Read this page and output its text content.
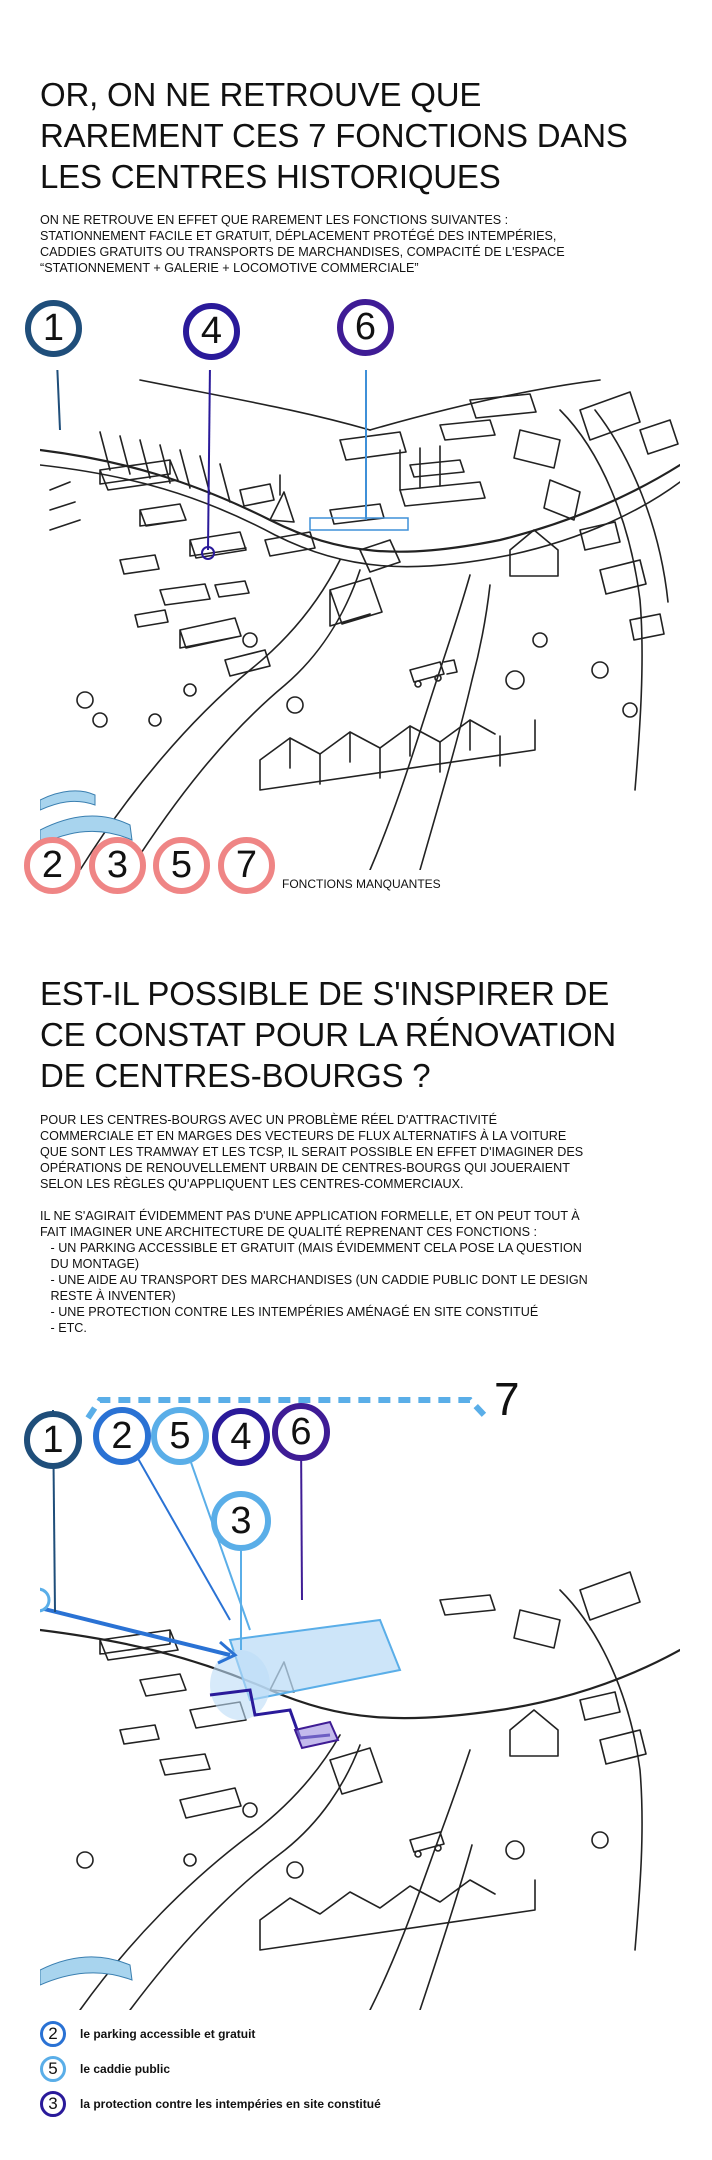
OR, ON NE RETROUVE QUE
RAREMENT CES 7 FONCTIONS DANS
LES CENTRES HISTORIQUES

ON NE RETROUVE EN EFFET QUE RAREMENT LES FONCTIONS SUIVANTES :
STATIONNEMENT FACILE ET GRATUIT, DÉPLACEMENT PROTÉGÉ DES INTEMPÉRIES,
CADDIES GRATUITS OU TRANSPORTS DE MARCHANDISES, COMPACITÉ DE L'ESPACE
“STATIONNEMENT + GALERIE + LOCOMOTIVE COMMERCIALE”

1	4	6
2 3 5 7 FONCTIONS MANQUANTES
EST-IL POSSIBLE DE S'INSPIRER DE
CE CONSTAT POUR LA RÉNOVATION
DE CENTRES-BOURGS ?

POUR LES CENTRES-BOURGS AVEC UN PROBLÈME RÉEL D'ATTRACTIVITÉ
COMMERCIALE ET EN MARGES DES VECTEURS DE FLUX ALTERNATIFS À LA VOITURE
QUE SONT LES TRAMWAY ET LES TCSP, IL SERAIT POSSIBLE EN EFFET D'IMAGINER DES
OPÉRATIONS DE RENOUVELLEMENT URBAIN DE CENTRES-BOURGS QUI JOUERAIENT
SELON LES RÈGLES QU'APPLIQUENT LES CENTRES-COMMERCIAUX.
IL NE S'AGIRAIT ÉVIDEMMENT PAS D'UNE APPLICATION FORMELLE, ET ON PEUT TOUT À
FAIT IMAGINER UNE ARCHITECTURE DE QUALITÉ REPRENANT CES FONCTIONS :
- UN PARKING ACCESSIBLE ET GRATUIT (MAIS ÉVIDEMMENT CELA POSE LA QUESTION
DU MONTAGE)
- UNE AIDE AU TRANSPORT DES MARCHANDISES (UN CADDIE PUBLIC DONT LE DESIGN
RESTE À INVENTER)
- UNE PROTECTION CONTRE LES INTEMPÉRIES AMÉNAGÉ EN SITE CONSTITUÉ
- ETC.

1 2 5 4 6
3
7
2	le parking accessible et gratuit
5	le caddie public
3	la protection contre les intempéries en site constitué
